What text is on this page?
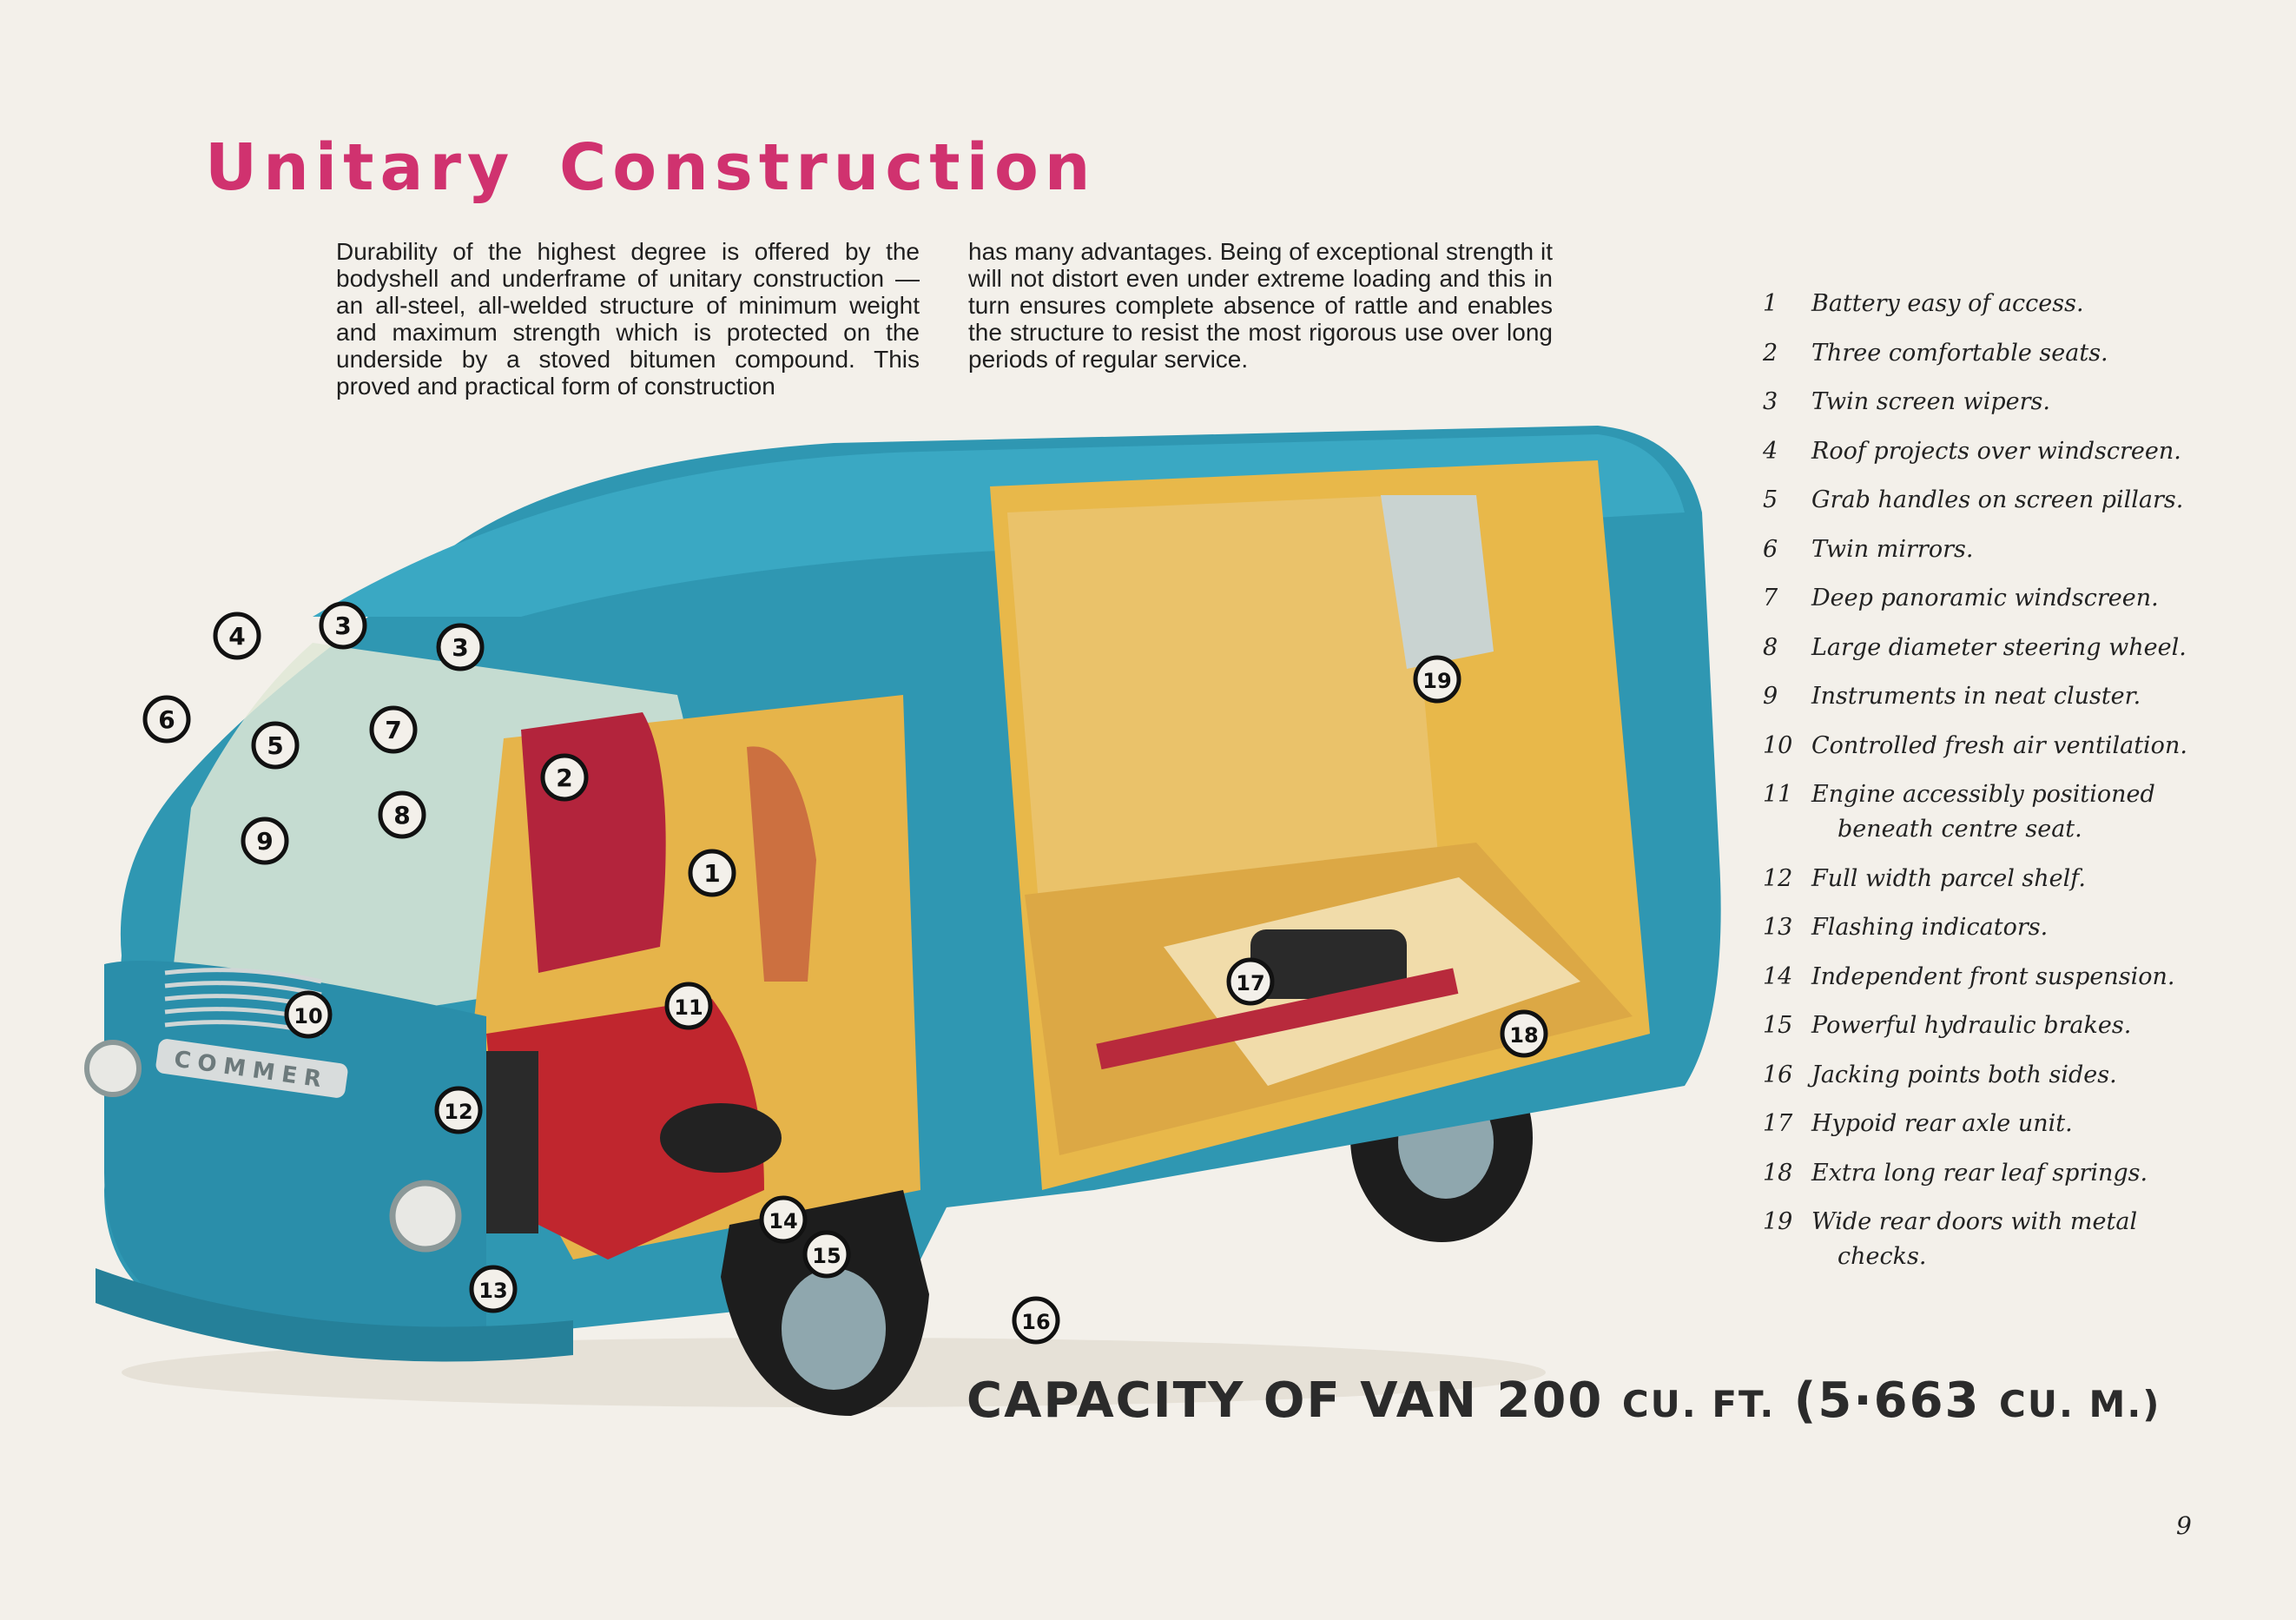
Unitary Construction

Durability of the highest degree is offered by the bodyshell and underframe of unitary construction — an all-steel, all-welded structure of minimum weight and maximum strength which is protected on the underside by a stoved bitumen compound. This proved and practical form of construction

has many advantages. Being of exceptional strength it will not distort even under extreme loading and this in turn ensures complete absence of rattle and enables the structure to resist the most rigorous use over long periods of regular service.

COMMER
1
2
3
3
4
5
6	7
8
9
10	11
12
13
14
15
16
17
18
19
1	Battery easy of access.
2	Three comfortable seats.
3	Twin screen wipers.
4	Roof projects over windscreen.
5	Grab handles on screen pillars.
6	Twin mirrors.
7	Deep panoramic windscreen.
8	Large diameter steering wheel.
9	Instruments in neat cluster.
10 Controlled fresh air ventilation.
11 Engine accessibly positioned
beneath centre seat.
12 Full width parcel shelf.
13 Flashing indicators.
14 Independent front suspension.
15 Powerful hydraulic brakes.
16 Jacking points both sides.
17 Hypoid rear axle unit.
18 Extra long rear leaf springs.
19 Wide rear doors with metal
checks.

CAPACITY OF VAN 200 CU. FT. (5·663 CU. M.)

9
